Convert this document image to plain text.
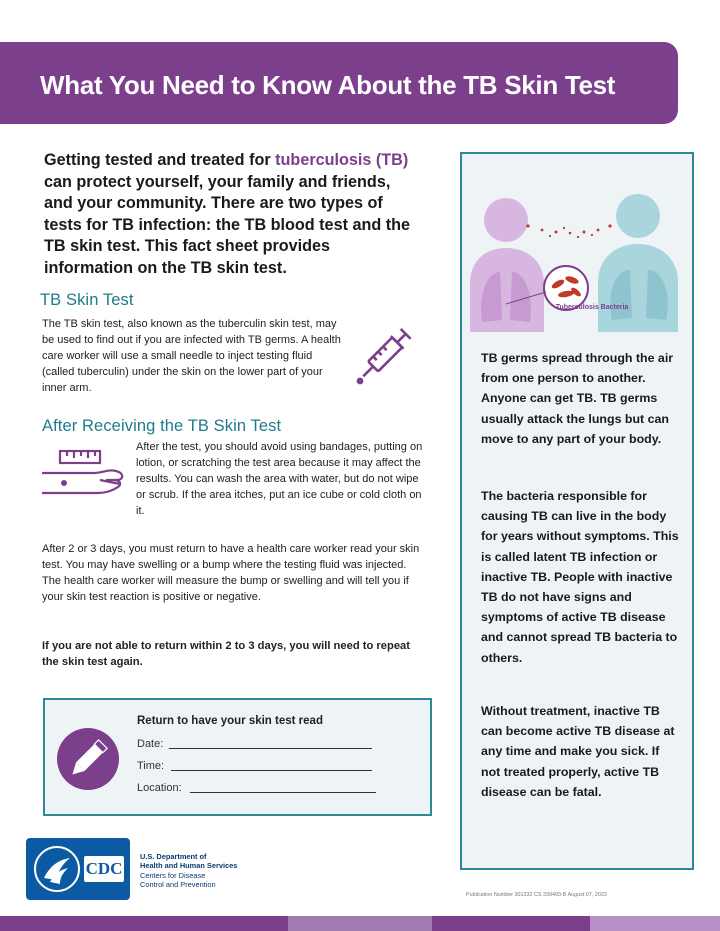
What You Need to Know About the TB Skin Test

Getting tested and treated for tuberculosis (TB) can protect yourself, your family and friends, and your community. There are two types of tests for TB infection: the TB blood test and the TB skin test. This fact sheet provides information on the TB skin test.

TB Skin Test

The TB skin test, also known as the tuberculin skin test, may be used to find out if you are infected with TB germs. A health care worker will use a small needle to inject testing fluid (called tuberculin) under the skin on the lower part of your inner arm.

After Receiving the TB Skin Test

After the test, you should avoid using bandages, putting on lotion, or scratching the test area because it may affect the results. You can wash the area with water, but do not wipe or scrub. If the area itches, put an ice cube or cold cloth on it.

After 2 or 3 days, you must return to have a health care worker read your skin test. You may have swelling or a bump where the testing fluid was injected. The health care worker will measure the bump or swelling and will tell you if your skin test reaction is positive or negative.

If you are not able to return within 2 to 3 days, you will need to repeat the skin test again.

Return to have your skin test read
Date:
Time:
Location:
Tuberculosis Bacteria

TB germs spread through the air from one person to another. Anyone can get TB. TB germs usually attack the lungs but can move to any part of your body.

The bacteria responsible for causing TB can live in the body for years without symptoms. This is called latent TB infection or inactive TB. People with inactive TB do not have signs and symptoms of active TB disease and cannot spread TB bacteria to others.

Without treatment, inactive TB can become active TB disease at any time and make you sick. If not treated properly, active TB disease can be fatal.

CDC
U.S. Department of
Health and Human Services
Centers for Disease
Control and Prevention
Publication Number 301232 CS 339493-B August 07, 2023
